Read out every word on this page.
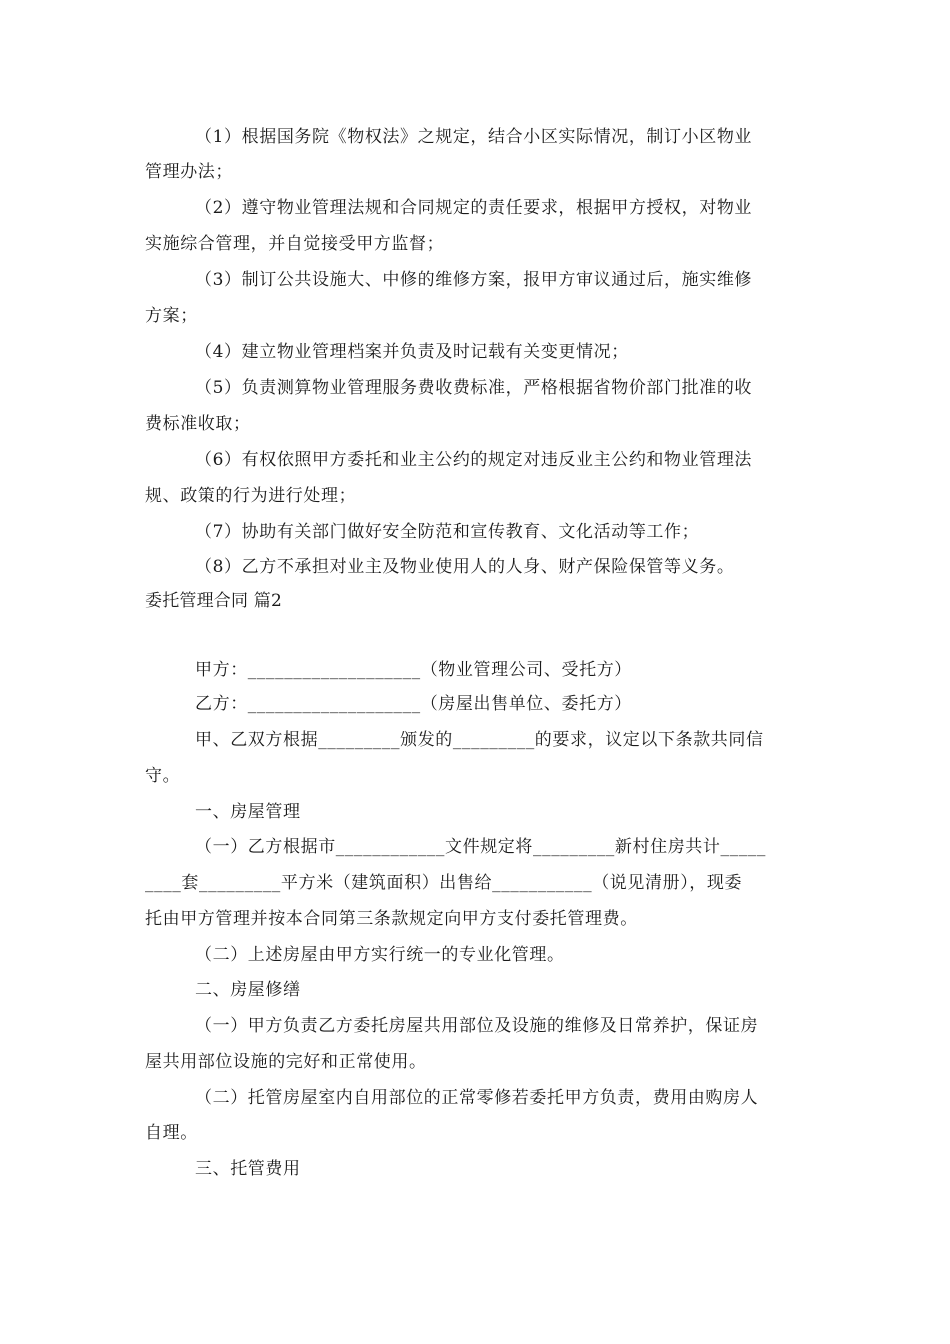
（1）根据国务院《物权法》之规定，结合小区实际情况，制订小区物业
管理办法；
（2）遵守物业管理法规和合同规定的责任要求，根据甲方授权，对物业
实施综合管理，并自觉接受甲方监督；
（3）制订公共设施大、中修的维修方案，报甲方审议通过后，施实维修
方案；
（4）建立物业管理档案并负责及时记载有关变更情况；
（5）负责测算物业管理服务费收费标准，严格根据省物价部门批准的收
费标准收取；
（6）有权依照甲方委托和业主公约的规定对违反业主公约和物业管理法
规、政策的行为进行处理；
（7）协助有关部门做好安全防范和宣传教育、文化活动等工作；
（8）乙方不承担对业主及物业使用人的人身、财产保险保管等义务。
委托管理合同 篇2
甲方：___________________（物业管理公司、受托方）
乙方：___________________（房屋出售单位、委托方）
甲、乙双方根据_________颁发的_________的要求，议定以下条款共同信
守。
一、房屋管理
（一）乙方根据市____________文件规定将_________新村住房共计_____
____套_________平方米（建筑面积）出售给___________（说见清册），现委
托由甲方管理并按本合同第三条款规定向甲方支付委托管理费。
（二）上述房屋由甲方实行统一的专业化管理。
二、房屋修缮
（一）甲方负责乙方委托房屋共用部位及设施的维修及日常养护，保证房
屋共用部位设施的完好和正常使用。
（二）托管房屋室内自用部位的正常零修若委托甲方负责，费用由购房人
自理。
三、托管费用
